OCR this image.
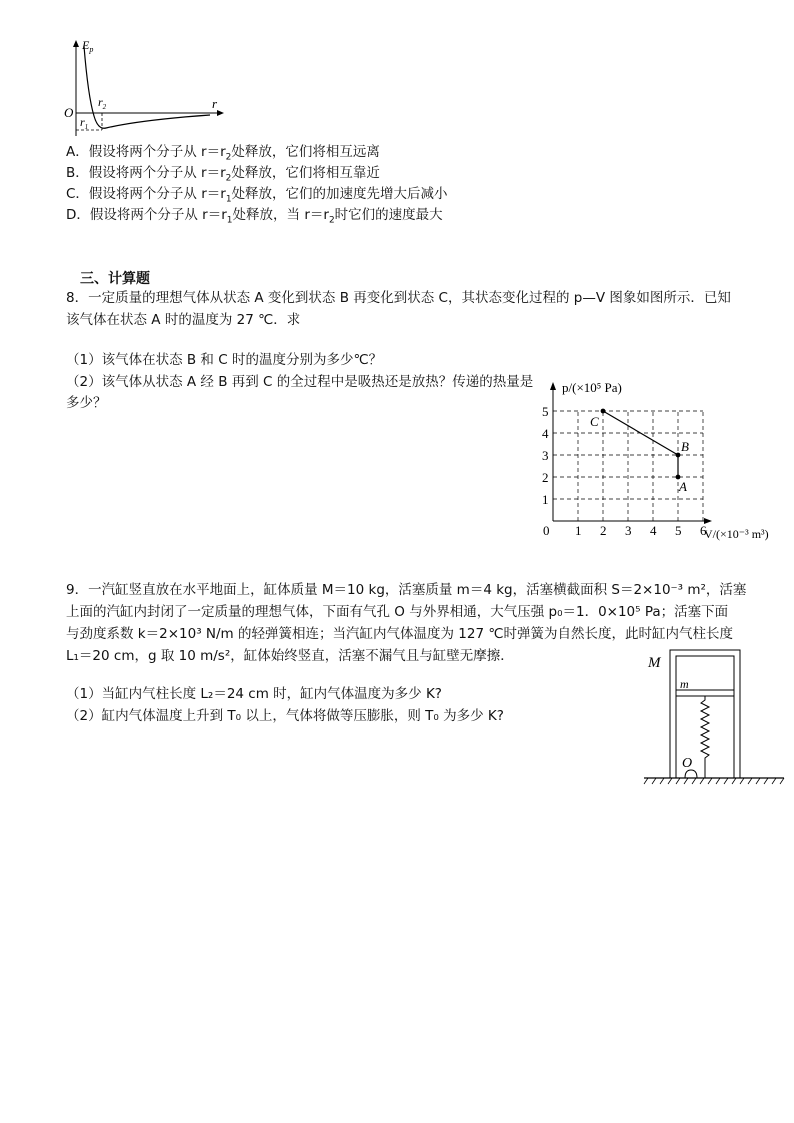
$E_p$
r
O
$r_1$
$r_2$
A．假设将两个分子从 $r=r_2$处释放，它们将相互远离
B．假设将两个分子从 $r=r_2$处释放，它们将相互靠近
C．假设将两个分子从 $r=r_1$处释放，它们的加速度先增大后减小
D．假设将两个分子从 $r=r_1$处释放，当 $r=r_2$时它们的速度最大
三、计算题
8．一定质量的理想气体从状态 A 变化到状态 B 再变化到状态 C，其状态变化过程的 p—V 图象如图所示．已知
该气体在状态 A 时的温度为 27 ℃．求
（1）该气体在状态 B 和 C 时的温度分别为多少℃？
（2）该气体从状态 A 经 B 再到 C 的全过程中是吸热还是放热？传递的热量是
多少？
0 1 2 3 4 5 6
1
2
3
4
5
A
B
C
p/(×10⁵ Pa)
V/(×10⁻³ m³)
9．一汽缸竖直放在水平地面上，缸体质量 M＝10 kg，活塞质量 m＝4 kg，活塞横截面积 S＝2×10⁻³ m²，活塞
上面的汽缸内封闭了一定质量的理想气体，下面有气孔 O 与外界相通，大气压强 p₀＝1．0×10⁵ Pa；活塞下面
与劲度系数 k＝2×10³ N/m 的轻弹簧相连；当汽缸内气体温度为 127 ℃时弹簧为自然长度，此时缸内气柱长度
L₁＝20 cm，g 取 10 m/s²，缸体始终竖直，活塞不漏气且与缸壁无摩擦．
（1）当缸内气柱长度 L₂＝24 cm 时，缸内气体温度为多少 K?
（2）缸内气体温度上升到 T₀ 以上，气体将做等压膨胀，则 T₀ 为多少 K?
M
m
O
